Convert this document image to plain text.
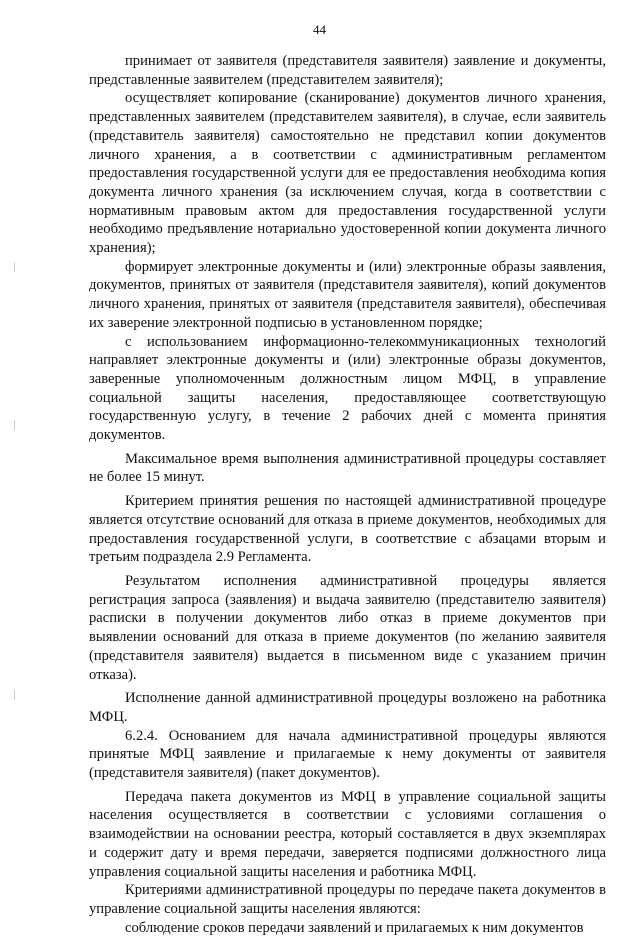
44

принимает от заявителя (представителя заявителя) заявление и документы, представленные заявителем (представителем заявителя);

осуществляет копирование (сканирование) документов личного хранения, представленных заявителем (представителем заявителя), в случае, если заявитель (представитель заявителя) самостоятельно не представил копии документов личного хранения, а в соответствии с административным регламентом предоставления государственной услуги для ее предоставления необходима копия документа личного хранения (за исключением случая, когда в соответствии с нормативным правовым актом для предоставления государственной услуги необходимо предъявление нотариально удостоверенной копии документа личного хранения);

формирует электронные документы и (или) электронные образы заявления, документов, принятых от заявителя (представителя заявителя), копий документов личного хранения, принятых от заявителя (представителя заявителя), обеспечивая их заверение электронной подписью в установленном порядке;

с использованием информационно-телекоммуникационных технологий направляет электронные документы и (или) электронные образы документов, заверенные уполномоченным должностным лицом МФЦ, в управление социальной защиты населения, предоставляющее соответствующую государственную услугу, в течение 2 рабочих дней с момента принятия документов.

Максимальное время выполнения административной процедуры составляет не более 15 минут.

Критерием принятия решения по настоящей административной процедуре является отсутствие оснований для отказа в приеме документов, необходимых для предоставления государственной услуги, в соответствие с абзацами вторым и третьим подраздела 2.9 Регламента.

Результатом исполнения административной процедуры является регистрация запроса (заявления) и выдача заявителю (представителю заявителя) расписки в получении документов либо отказ в приеме документов при выявлении оснований для отказа в приеме документов (по желанию заявителя (представителя заявителя) выдается в письменном виде с указанием причин отказа).

Исполнение данной административной процедуры возложено на работника МФЦ.

6.2.4. Основанием для начала административной процедуры являются принятые МФЦ заявление и прилагаемые к нему документы от заявителя (представителя заявителя) (пакет документов).

Передача пакета документов из МФЦ в управление социальной защиты населения осуществляется в соответствии с условиями соглашения о взаимодействии на основании реестра, который составляется в двух экземплярах и содержит дату и время передачи, заверяется подписями должностного лица управления социальной защиты населения и работника МФЦ.

Критериями административной процедуры по передаче пакета документов в управление социальной защиты населения являются:

соблюдение сроков передачи заявлений и прилагаемых к ним документов
